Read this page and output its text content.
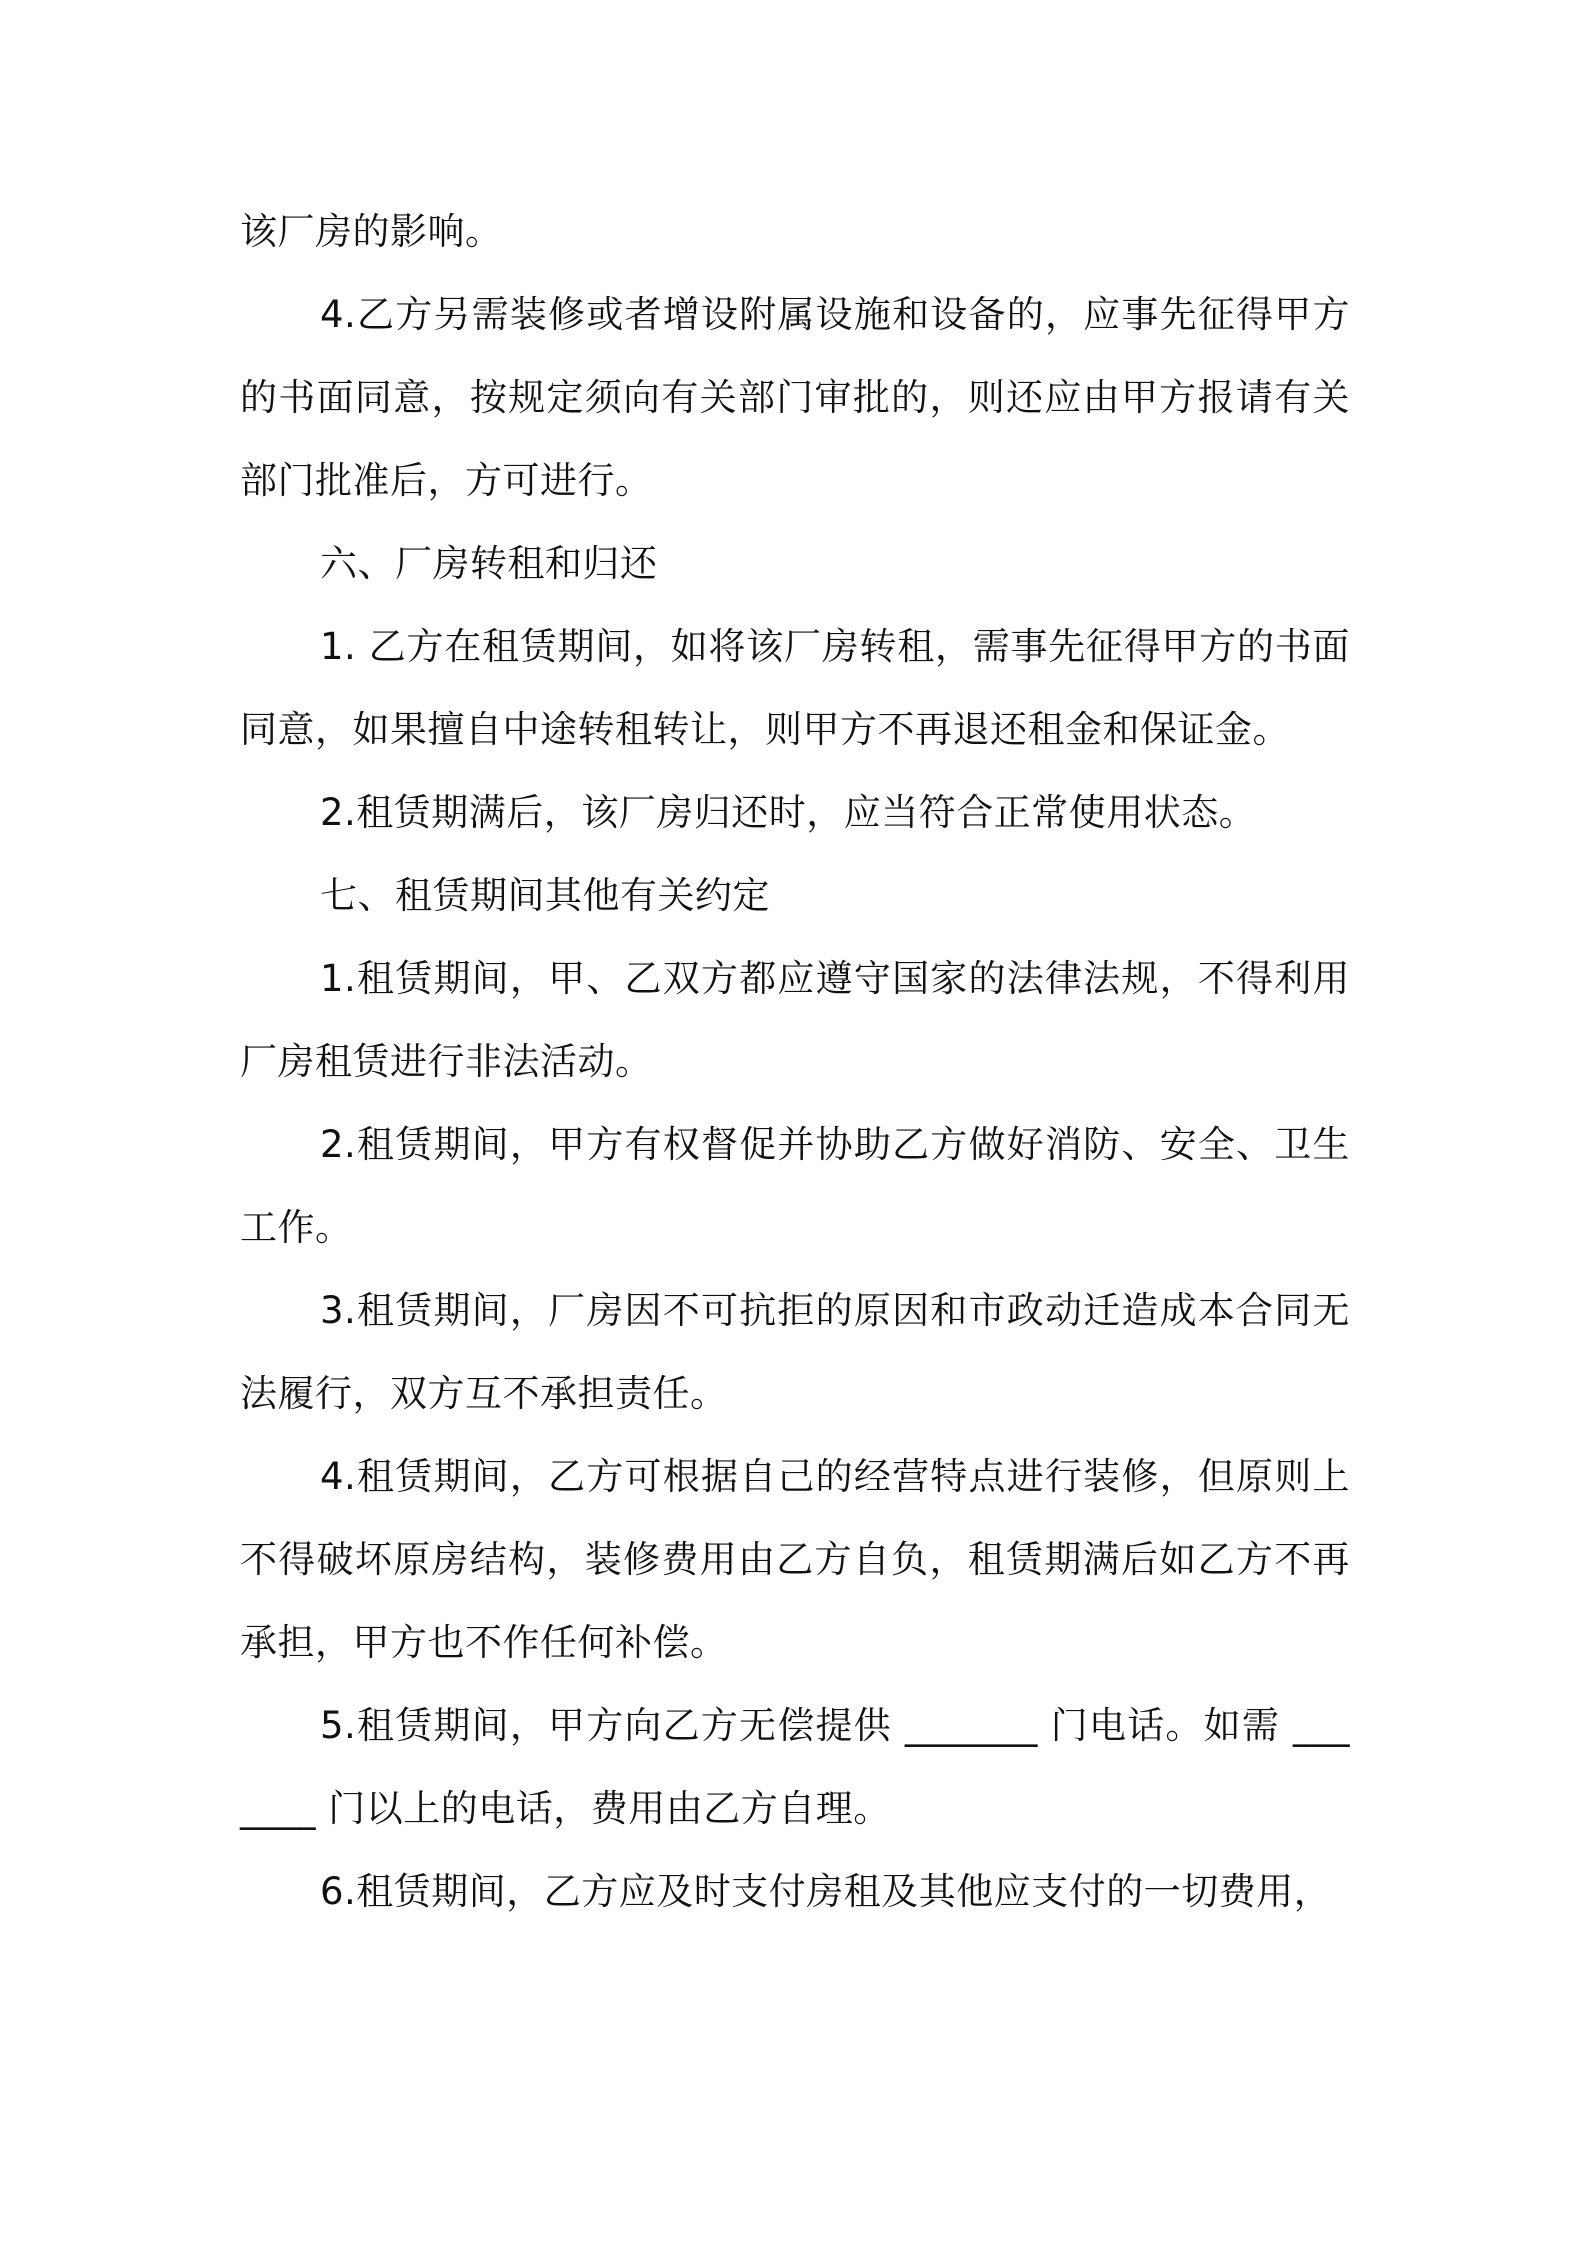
该厂房的影响。

4.乙方另需装修或者增设附属设施和设备的，应事先征得甲方的书面同意，按规定须向有关部门审批的，则还应由甲方报请有关部门批准后，方可进行。

六、厂房转租和归还

1. 乙方在租赁期间，如将该厂房转租，需事先征得甲方的书面同意，如果擅自中途转租转让，则甲方不再退还租金和保证金。

2.租赁期满后，该厂房归还时，应当符合正常使用状态。

七、租赁期间其他有关约定

1.租赁期间，甲、乙双方都应遵守国家的法律法规，不得利用厂房租赁进行非法活动。

2.租赁期间，甲方有权督促并协助乙方做好消防、安全、卫生工作。

3.租赁期间，厂房因不可抗拒的原因和市政动迁造成本合同无法履行，双方互不承担责任。

4.租赁期间，乙方可根据自己的经营特点进行装修，但原则上不得破坏原房结构，装修费用由乙方自负，租赁期满后如乙方不再承担，甲方也不作任何补偿。

5.租赁期间，甲方向乙方无偿提供 _______ 门电话。如需 _______ 门以上的电话，费用由乙方自理。

6.租赁期间，乙方应及时支付房租及其他应支付的一切费用，
